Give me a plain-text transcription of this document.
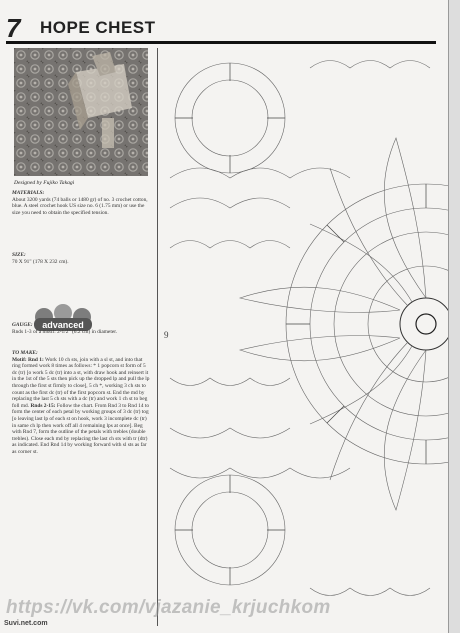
7	HOPE CHEST
Designed by Fujiko Takagi
MATERIALS:
About 3200 yards (74 balls or 1480 gr) of no. 3 crochet cotton, blue. A steel crochet hook US size no. 6 (1.75 mm) or use the size you need to obtain the specified tension.
SIZE:
70 X 91" (178 X 232 cm).
advanced
GAUGE:
Rnds 1-3 of a motif: 2-1/2" (6.2 cm) in diameter.
TO MAKE:
Motif: Rnd 1: Work 10 ch sts, join with a sl st, and into that ring formed work 8 times as follows: * 1 popcorn st form of 5 dc (tr) [o work 5 dc (tr) into a st, with draw hook and reinsert it in the 1st of the 5 sts then pick up the dropped lp and pull the lp through the first st firmly to close], 5 ch *, working 3 ch sts to count as the first dc (tr) of the first popcorn st. End the md by replacing the last 5 ch sts with a dc (tr) and work 1 ch st to beg foll md. Rnds 2-15: Follow the chart. From Rnd 3 to Rnd 14 to form the center of each petal by working groups of 3 dc (tr) tog [o leaving last lp of each st on hook, work 3 incomplete dc (tr) in same ch lp then work off all 4 remaining lps at once]. Beg with Rnd 7, form the outline of the petals with trebles (double trebles). Close each md by replacing the last ch sts with tr (dtr) as indicated. End Rnd 14 by working forward with sl sts as far as corner st.
9
https://vk.com/vjazanie_krjuchkom
Suvi.net.com
